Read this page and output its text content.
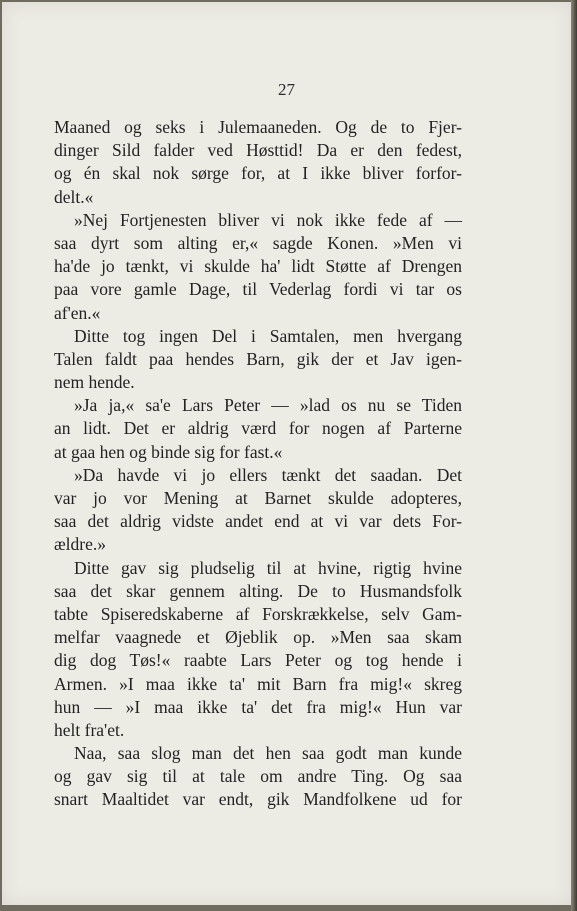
27

Maaned og seks i Julemaaneden. Og de to Fjer-
dinger Sild falder ved Høsttid! Da er den fedest,
og én skal nok sørge for, at I ikke bliver forfor-
delt.«
»Nej Fortjenesten bliver vi nok ikke fede af —
saa dyrt som alting er,« sagde Konen. »Men vi
ha'de jo tænkt, vi skulde ha' lidt Støtte af Drengen
paa vore gamle Dage, til Vederlag fordi vi tar os
af'en.«
Ditte tog ingen Del i Samtalen, men hvergang
Talen faldt paa hendes Barn, gik der et Jav igen-
nem hende.
»Ja ja,« sa'e Lars Peter — »lad os nu se Tiden
an lidt. Det er aldrig værd for nogen af Parterne
at gaa hen og binde sig for fast.«
»Da havde vi jo ellers tænkt det saadan. Det
var jo vor Mening at Barnet skulde adopteres,
saa det aldrig vidste andet end at vi var dets For-
ældre.»
Ditte gav sig pludselig til at hvine, rigtig hvine
saa det skar gennem alting. De to Husmandsfolk
tabte Spiseredskaberne af Forskrækkelse, selv Gam-
melfar vaagnede et Øjeblik op. »Men saa skam
dig dog Tøs!« raabte Lars Peter og tog hende i
Armen. »I maa ikke ta' mit Barn fra mig!« skreg
hun — »I maa ikke ta' det fra mig!« Hun var
helt fra'et.
Naa, saa slog man det hen saa godt man kunde
og gav sig til at tale om andre Ting. Og saa
snart Maaltidet var endt, gik Mandfolkene ud for
